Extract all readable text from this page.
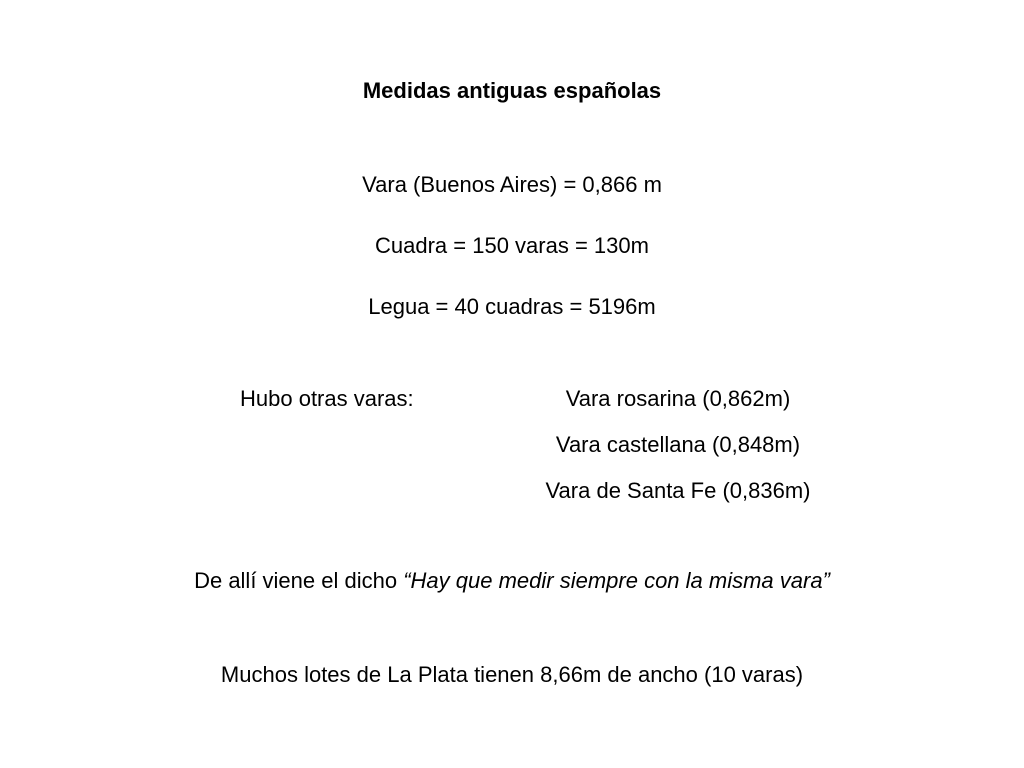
Medidas antiguas españolas
Vara (Buenos Aires) = 0,866 m
Cuadra = 150 varas = 130m
Legua = 40 cuadras = 5196m
Hubo otras varas:	Vara rosarina (0,862m)
Vara castellana (0,848m)
Vara de Santa Fe (0,836m)
De allí viene el dicho “Hay que medir siempre con la misma vara”
Muchos lotes de La Plata tienen 8,66m de ancho (10 varas)
